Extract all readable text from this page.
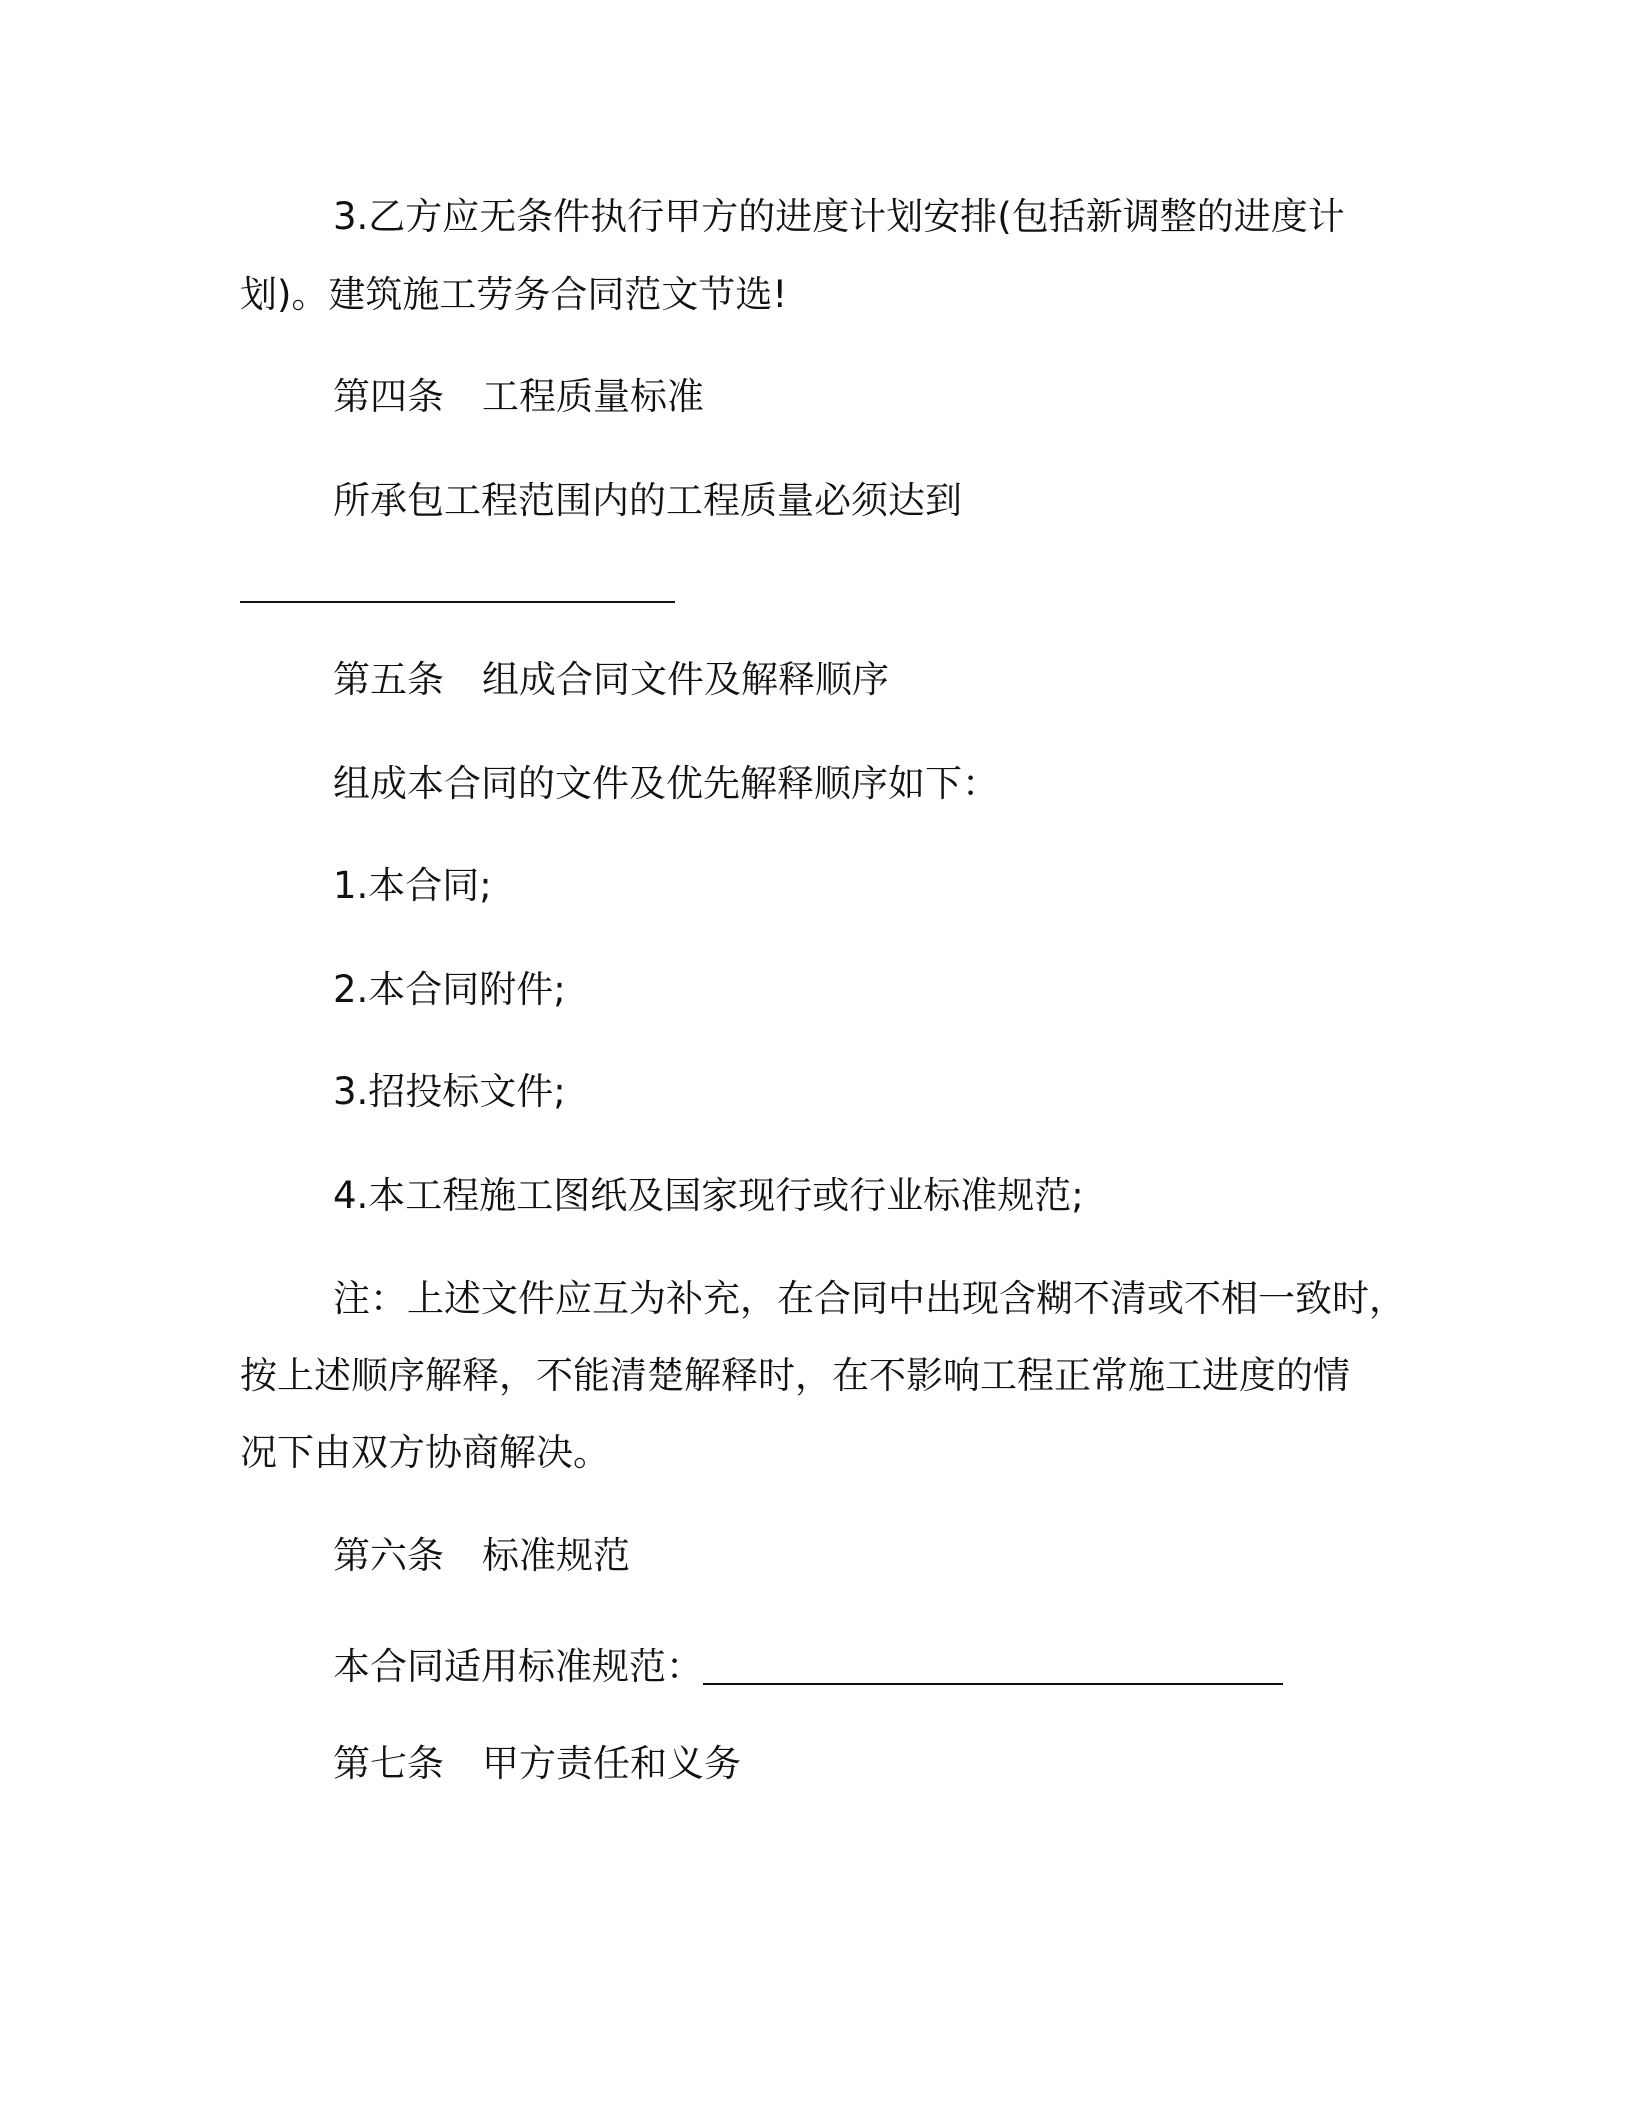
3.乙方应无条件执行甲方的进度计划安排(包括新调整的进度计
划)。建筑施工劳务合同范文节选!
第四条 工程质量标准
所承包工程范围内的工程质量必须达到
第五条 组成合同文件及解释顺序
组成本合同的文件及优先解释顺序如下：
1.本合同;
2.本合同附件;
3.招投标文件;
4.本工程施工图纸及国家现行或行业标准规范;
注：上述文件应互为补充，在合同中出现含糊不清或不相一致时，
按上述顺序解释，不能清楚解释时，在不影响工程正常施工进度的情
况下由双方协商解决。
第六条 标准规范
本合同适用标准规范：
第七条 甲方责任和义务
